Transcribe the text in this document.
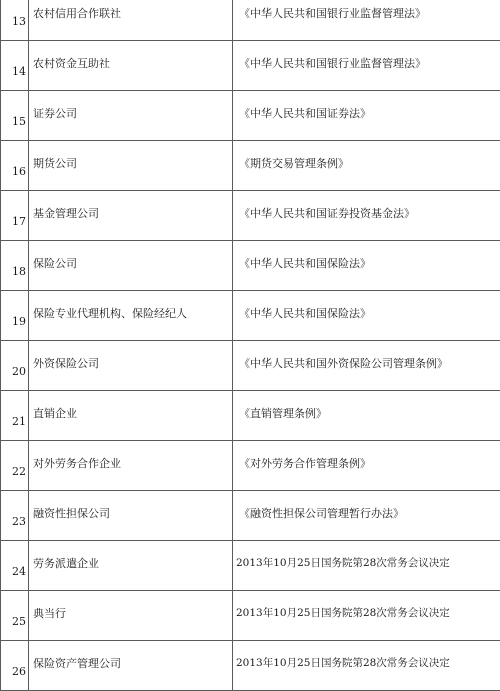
13	农村信用合作联社	《中华人民共和国银行业监督管理法》
14	农村资金互助社	《中华人民共和国银行业监督管理法》
15	证券公司	《中华人民共和国证券法》
16	期货公司	《期货交易管理条例》
17	基金管理公司	《中华人民共和国证券投资基金法》
18	保险公司	《中华人民共和国保险法》
19	保险专业代理机构、保险经纪人	《中华人民共和国保险法》
20	外资保险公司	《中华人民共和国外资保险公司管理条例》
21	直销企业	《直销管理条例》
22	对外劳务合作企业	《对外劳务合作管理条例》
23	融资性担保公司	《融资性担保公司管理暂行办法》
24	劳务派遣企业	2013年10月25日国务院第28次常务会议决定
25	典当行	2013年10月25日国务院第28次常务会议决定
26	保险资产管理公司	2013年10月25日国务院第28次常务会议决定
